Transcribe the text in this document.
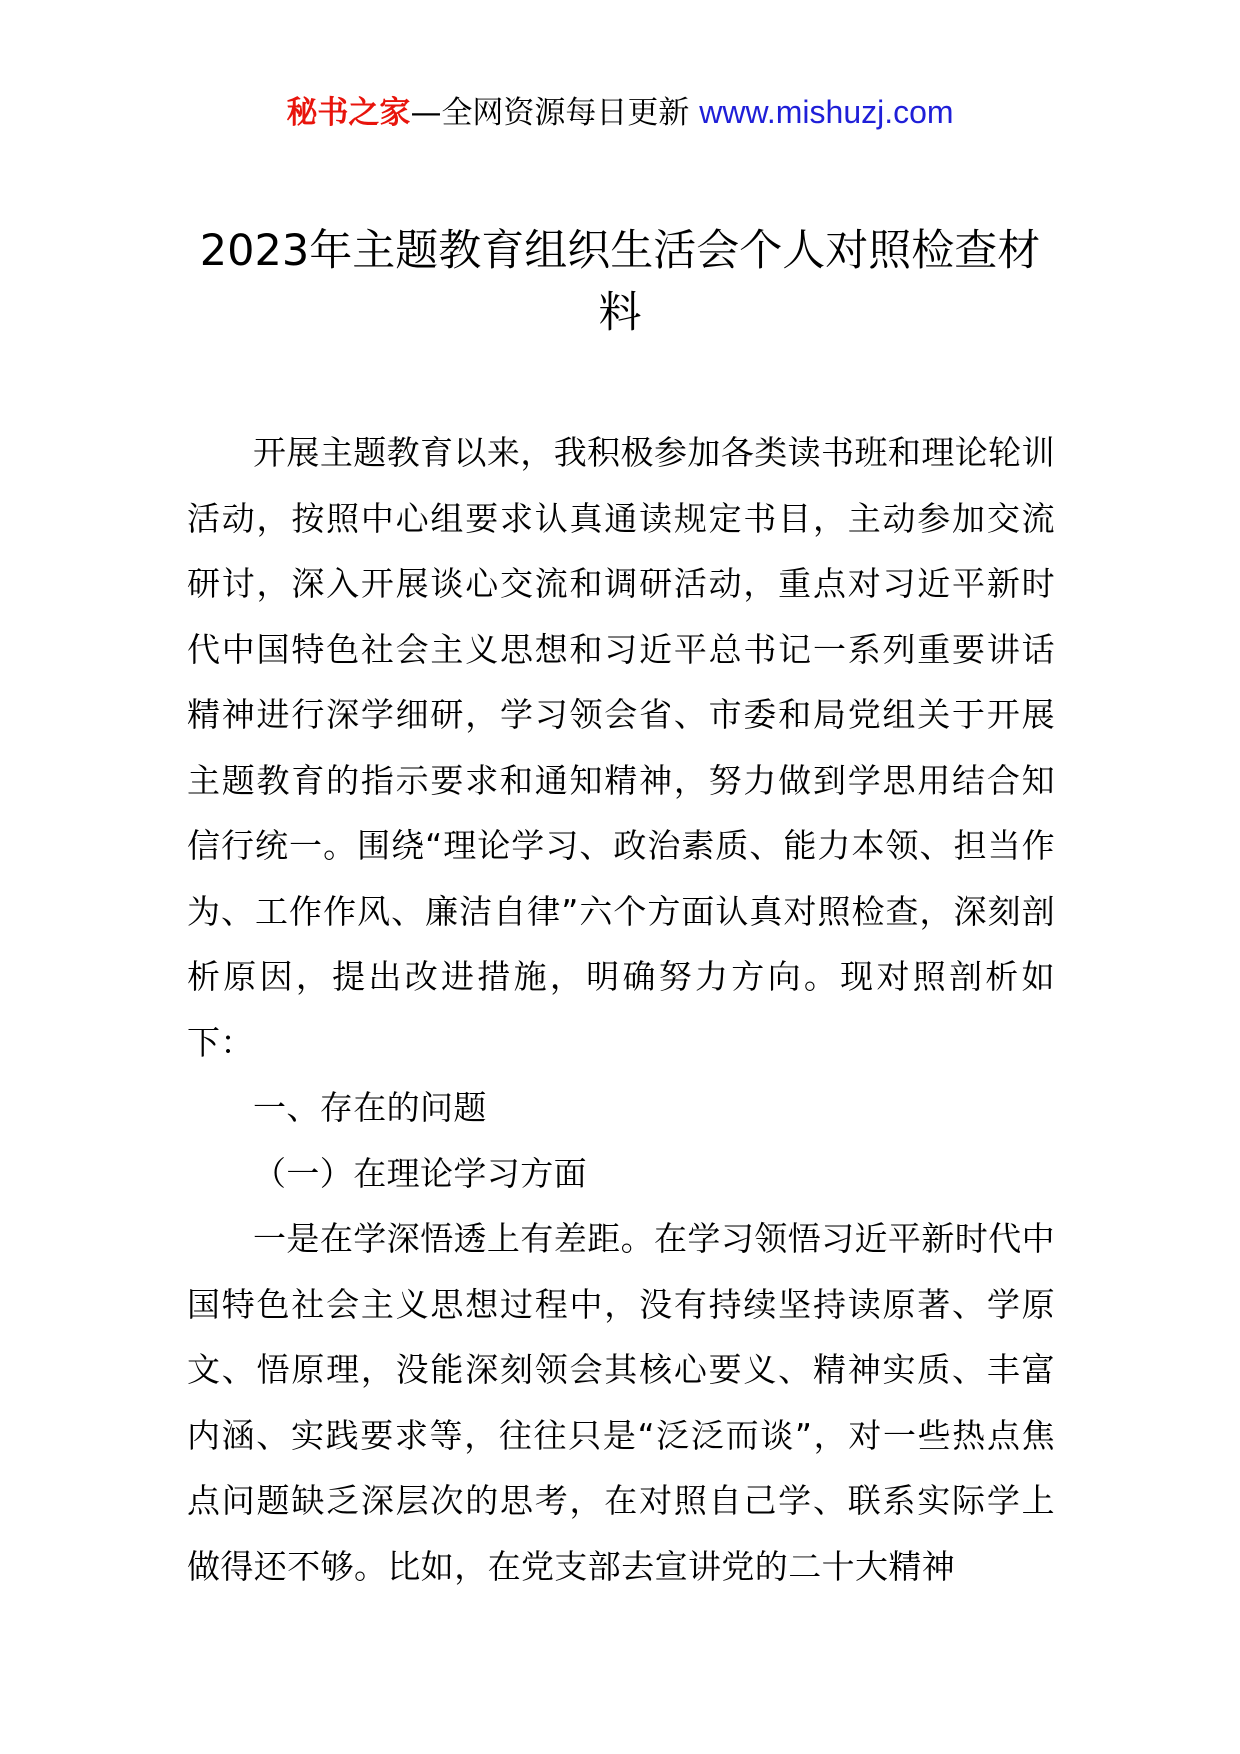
秘书之家—全网资源每日更新 www.mishuzj.com
2023年主题教育组织生活会个人对照检查材料

开展主题教育以来，我积极参加各类读书班和理论轮训活动，按照中心组要求认真通读规定书目，主动参加交流研讨，深入开展谈心交流和调研活动，重点对习近平新时代中国特色社会主义思想和习近平总书记一系列重要讲话精神进行深学细研，学习领会省、市委和局党组关于开展主题教育的指示要求和通知精神，努力做到学思用结合知信行统一。围绕“理论学习、政治素质、能力本领、担当作为、工作作风、廉洁自律”六个方面认真对照检查，深刻剖析原因，提出改进措施，明确努力方向。现对照剖析如下：

一、存在的问题

（一）在理论学习方面

一是在学深悟透上有差距。在学习领悟习近平新时代中国特色社会主义思想过程中，没有持续坚持读原著、学原文、悟原理，没能深刻领会其核心要义、精神实质、丰富内涵、实践要求等，往往只是“泛泛而谈”，对一些热点焦点问题缺乏深层次的思考，在对照自己学、联系实际学上做得还不够。比如，在党支部去宣讲党的二十大精神
